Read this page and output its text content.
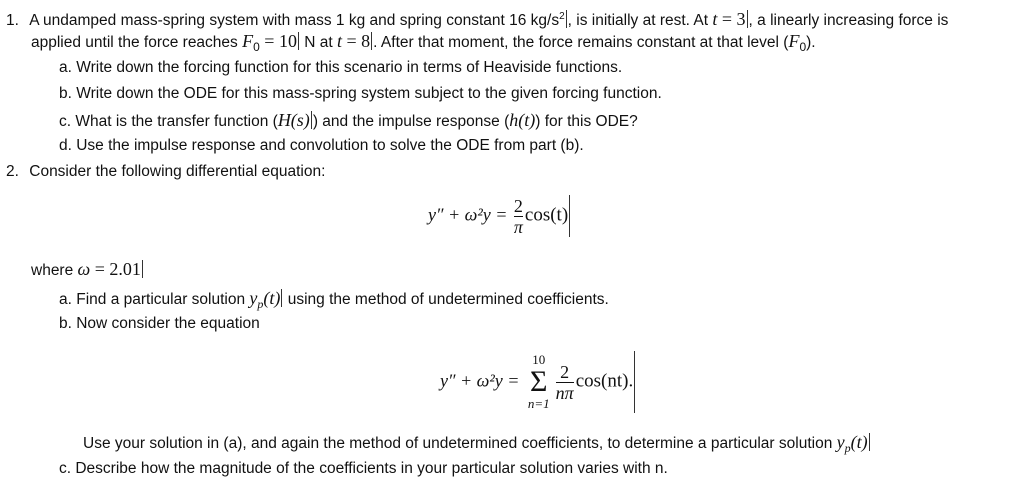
1. A undamped mass-spring system with mass 1 kg and spring constant 16 $kg/s^2$ , is initially at rest. At t = 3 , a linearly increasing force is
applied until the force reaches $F_0 = 10$ N at t = 8 . After that moment, the force remains constant at that level $(F_0)$.
a. Write down the forcing function for this scenario in terms of Heaviside functions.
b. Write down the ODE for this mass-spring system subject to the given forcing function.
c. What is the transfer function (H(s) ) and the impulse response (h(t)) for this ODE?
d. Use the impulse response and convolution to solve the ODE from part (b).
2. Consider the following differential equation:
$y'' + \omega^2y = \frac{2}{\pi} \cos(t)$
where ω = 2.01
a. Find a particular solution $y_p(t)$ using the method of undetermined coefficients.
b. Now consider the equation
y″ + ω²y =
10
Σ
n=1
$\frac{2}{n\pi} \cos(nt)$.
Use your solution in (a), and again the method of undetermined coefficients, to determine a particular solution $y_p(t)$
c. Describe how the magnitude of the coefficients in your particular solution varies with n.
